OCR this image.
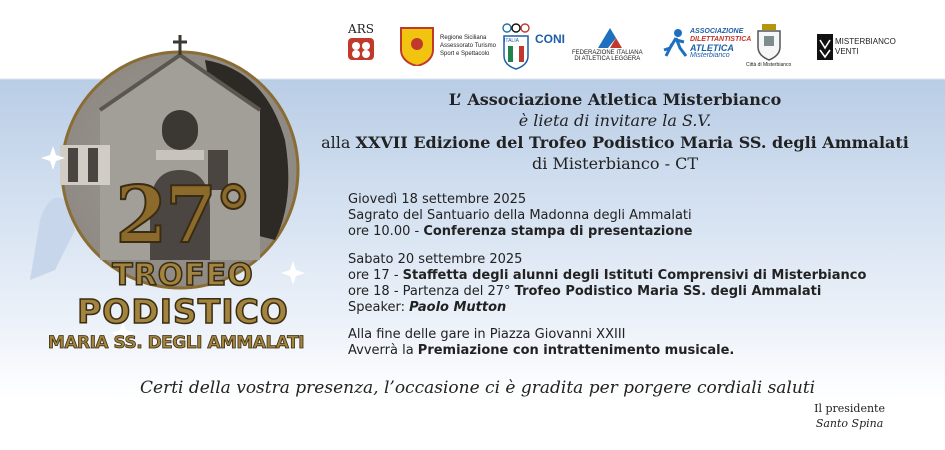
ARS
Regione Siciliana
Assessorato Turismo
Sport e Spettacolo
ITALIA CONI
FEDERAZIONE ITALIANA
DI ATLETICA LEGGERA
ASSOCIAZIONE
DILETTANTISTICA
ATLETICA
Misterbianco
Città di Misterbianco
MISTERBIANCO
VENTI
27°
TROFEO
PODISTICO
MARIA SS. DEGLI AMMALATI
L’ Associazione Atletica Misterbianco
è lieta di invitare la S.V.
alla XXVII Edizione del Trofeo Podistico Maria SS. degli Ammalati
di Misterbianco - CT
Giovedì 18 settembre 2025
Sagrato del Santuario della Madonna degli Ammalati
ore 10.00 - Conferenza stampa di presentazione
Sabato 20 settembre 2025
ore 17 - Staffetta degli alunni degli Istituti Comprensivi di Misterbianco
ore 18 - Partenza del 27° Trofeo Podistico Maria SS. degli Ammalati
Speaker: Paolo Mutton
Alla fine delle gare in Piazza Giovanni XXIII
Avverrà la Premiazione con intrattenimento musicale.
Certi della vostra presenza, l’occasione ci è gradita per porgere cordiali saluti
Il presidente
Santo Spina
